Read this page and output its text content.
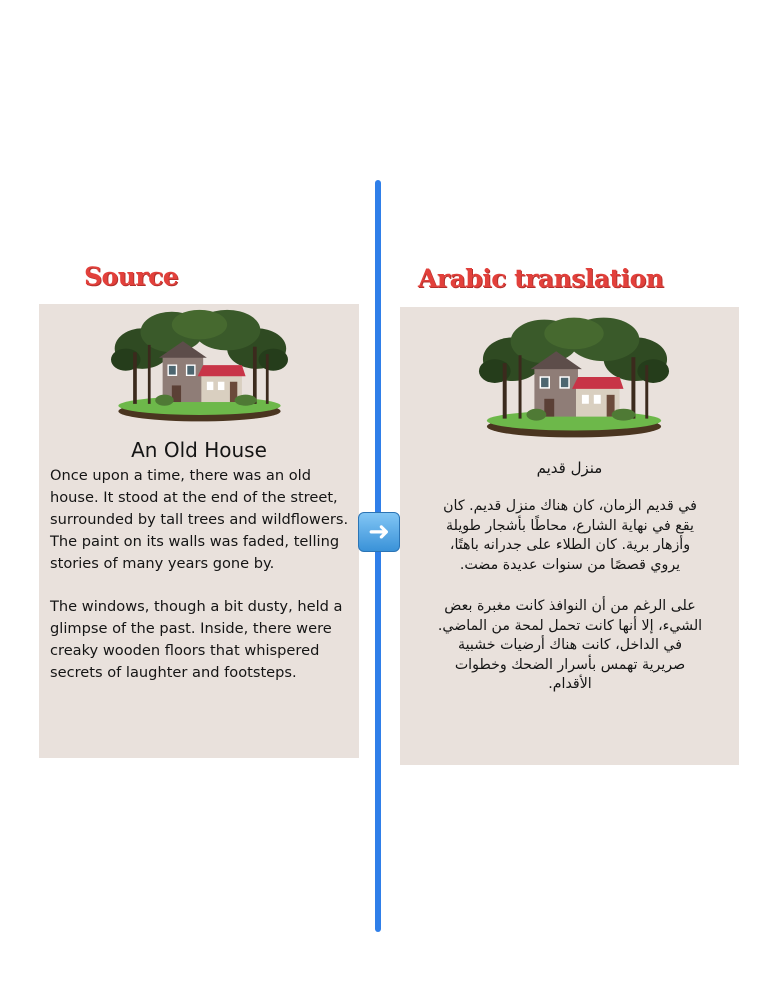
Source	Arabic translation
An Old House

Once upon a time, there was an old house. It stood at the end of the street, surrounded by tall trees and wildflowers. The paint on its walls was faded, telling stories of many years gone by.

The windows, though a bit dusty, held a glimpse of the past. Inside, there were creaky wooden floors that whispered secrets of laughter and footsteps.

منزل قديم

في قديم الزمان، كان هناك منزل قديم. كان يقع في نهاية الشارع، محاطًا بأشجار طويلة وأزهار برية. كان الطلاء على جدرانه باهتًا، يروي قصصًا من سنوات عديدة مضت.

على الرغم من أن النوافذ كانت مغبرة بعض الشيء، إلا أنها كانت تحمل لمحة من الماضي. في الداخل، كانت هناك أرضيات خشبية صريرية تهمس بأسرار الضحك وخطوات الأقدام.

➜
